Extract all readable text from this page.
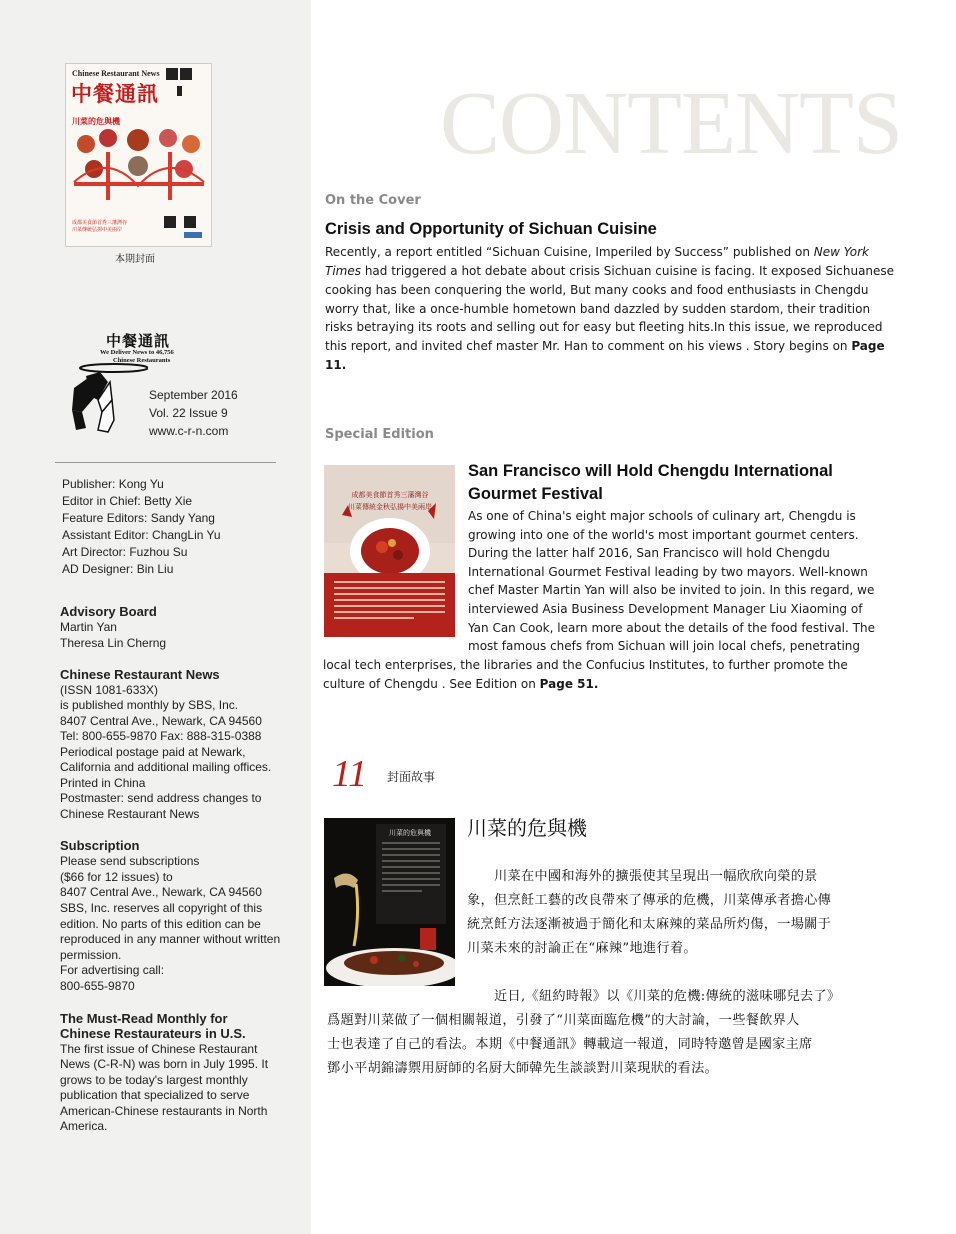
Chinese Restaurant News
中餐通訊
川菜的危與機
成都美食節首秀三藩灣谷
川菜傳統弘揚中美兩岸
本期封面
中餐通訊
We Deliver News to 46,756
Chinese Restaurants
September 2016
Vol. 22 Issue 9
www.c-r-n.com
Publisher: Kong Yu
Editor in Chief: Betty Xie
Feature Editors: Sandy Yang
Assistant Editor: ChangLin Yu
Art Director: Fuzhou Su
AD Designer: Bin Liu
Advisory Board
Martin Yan
Theresa Lin Cherng
Chinese Restaurant News
(ISSN 1081-633X)
is published monthly by SBS, Inc.
8407 Central Ave., Newark, CA 94560
Tel: 800-655-9870 Fax: 888-315-0388
Periodical postage paid at Newark,
California and additional mailing offices.
Printed in China
Postmaster: send address changes to
Chinese Restaurant News
Subscription
Please send subscriptions
($66 for 12 issues) to
8407 Central Ave., Newark, CA 94560
SBS, Inc. reserves all copyright of this
edition. No parts of this edition can be
reproduced in any manner without written
permission.
For advertising call:
800-655-9870
The Must-Read Monthly for
Chinese Restaurateurs in U.S.
The first issue of Chinese Restaurant
News (C-R-N) was born in July 1995. It
grows to be today's largest monthly
publication that specialized to serve
American-Chinese restaurants in North
America.
CONTENTS
On the Cover
Crisis and Opportunity of Sichuan Cuisine
Recently, a report entitled “Sichuan Cuisine, Imperiled by Success” published on New York
Times had triggered a hot debate about crisis Sichuan cuisine is facing. It exposed Sichuanese
cooking has been conquering the world, But many cooks and food enthusiasts in Chengdu
worry that, like a once-humble hometown band dazzled by sudden stardom, their tradition
risks betraying its roots and selling out for easy but fleeting hits.In this issue, we reproduced
this report, and invited chef master Mr. Han to comment on his views . Story begins on Page
11.
Special Edition
成都美食節首秀三藩灣谷
川菜傳統金秋弘揚中美兩岸
San Francisco will Hold Chengdu International
Gourmet Festival
As one of China's eight major schools of culinary art, Chengdu is
growing into one of the world's most important gourmet centers.
During the latter half 2016, San Francisco will hold Chengdu
International Gourmet Festival leading by two mayors. Well-known
chef Master Martin Yan will also be invited to join. In this regard, we
interviewed Asia Business Development Manager Liu Xiaoming of
Yan Can Cook, learn more about the details of the food festival. The
most famous chefs from Sichuan will join local chefs, penetrating
local tech enterprises, the libraries and the Confucius Institutes, to further promote the
culture of Chengdu . See Edition on Page 51.
11 封面故事
川菜的危與機 川菜的危與機
　　川菜在中國和海外的擴張使其呈現出一幅欣欣向榮的景
象，但烹飪工藝的改良帶來了傳承的危機，川菜傳承者擔心傳
統烹飪方法逐漸被過于簡化和太麻辣的菜品所灼傷，一場關于
川菜未來的討論正在“麻辣”地進行着。
　　近日,《紐約時報》以《川菜的危機:傳統的滋味哪兒去了》
爲題對川菜做了一個相關報道，引發了“川菜面臨危機”的大討論，一些餐飲界人
士也表達了自己的看法。本期《中餐通訊》轉載這一報道，同時特邀曾是國家主席
鄧小平胡錦濤禦用厨師的名厨大師韓先生談談對川菜現狀的看法。
